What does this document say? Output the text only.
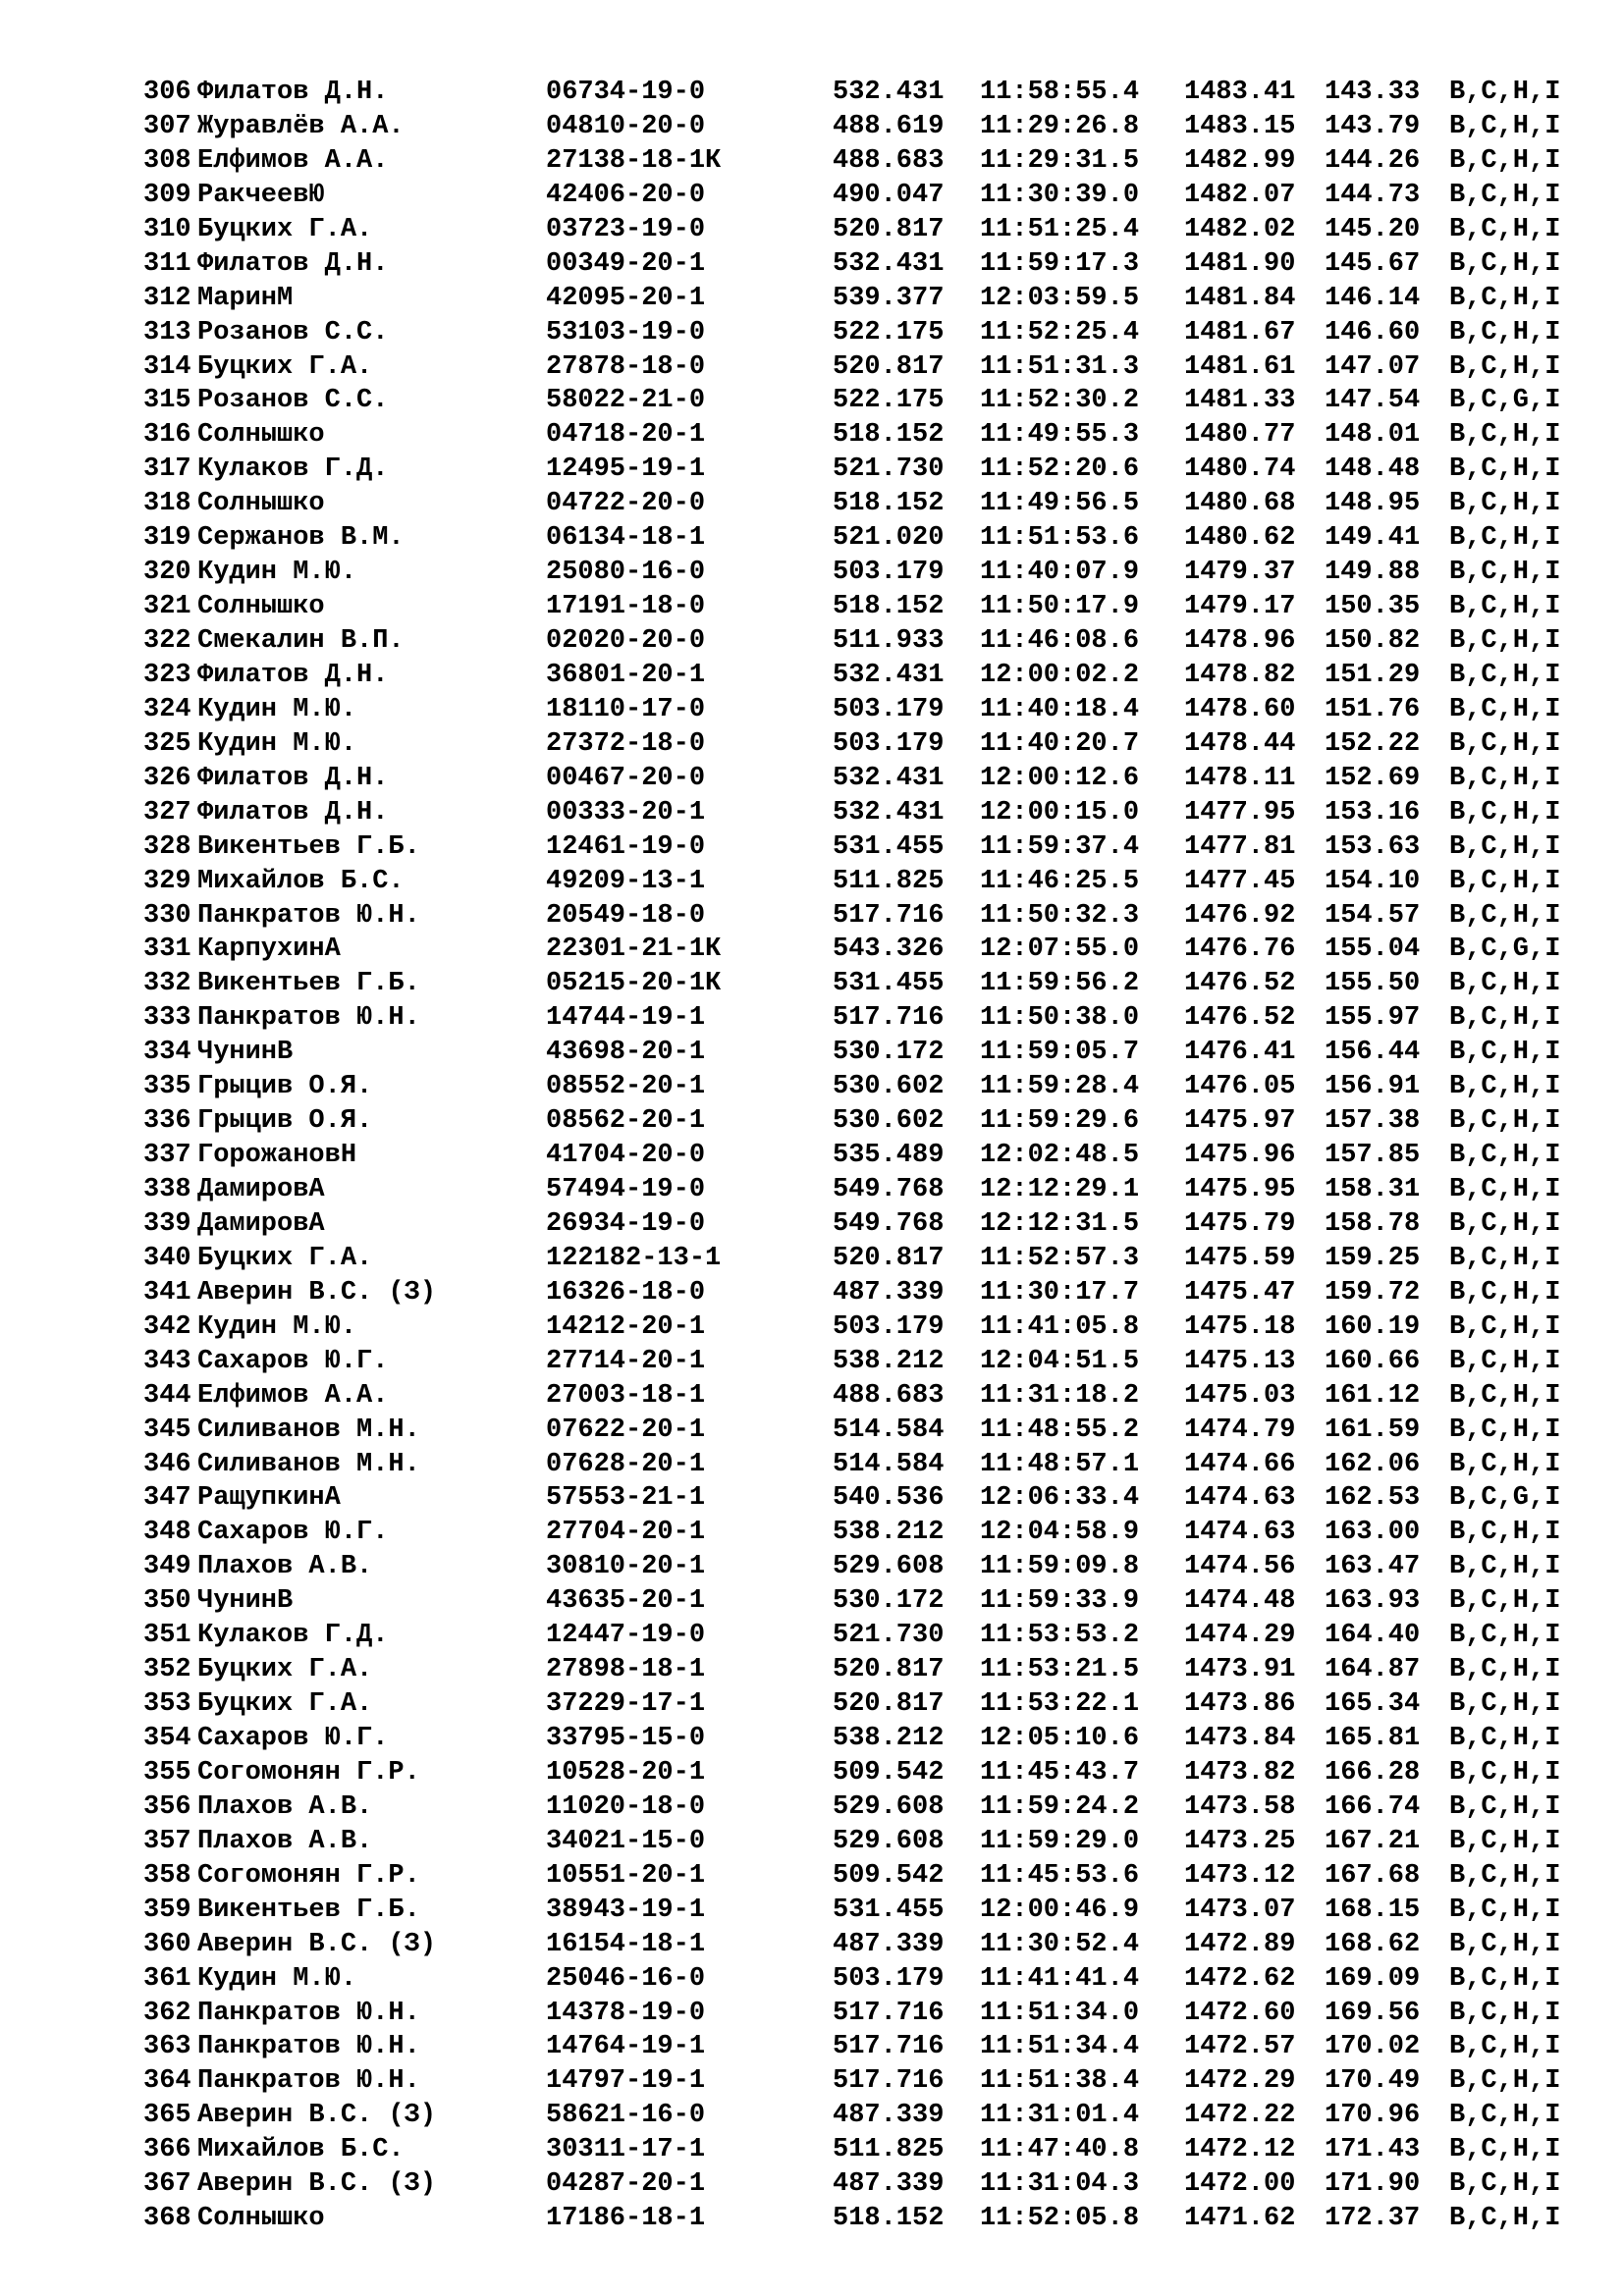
306 Филатов Д.Н.	06734-19-0	532.431 11:58:55.4 1483.41 143.33 B,C,H,I
307 Журавлёв А.А.	04810-20-0	488.619 11:29:26.8 1483.15 143.79 B,C,H,I
308 Елфимов А.А.	27138-18-1К	488.683 11:29:31.5 1482.99 144.26 B,C,H,I
309 РакчеевЮ	42406-20-0	490.047 11:30:39.0 1482.07 144.73 B,C,H,I
310 Буцких Г.А.	03723-19-0	520.817 11:51:25.4 1482.02 145.20 B,C,H,I
311 Филатов Д.Н.	00349-20-1	532.431 11:59:17.3 1481.90 145.67 B,C,H,I
312 МаринМ	42095-20-1	539.377 12:03:59.5 1481.84 146.14 B,C,H,I
313 Розанов С.С.	53103-19-0	522.175 11:52:25.4 1481.67 146.60 B,C,H,I
314 Буцких Г.А.	27878-18-0	520.817 11:51:31.3 1481.61 147.07 B,C,H,I
315 Розанов С.С.	58022-21-0	522.175 11:52:30.2 1481.33 147.54 B,C,G,I
316 Солнышко	04718-20-1	518.152 11:49:55.3 1480.77 148.01 B,C,H,I
317 Кулаков Г.Д.	12495-19-1	521.730 11:52:20.6 1480.74 148.48 B,C,H,I
318 Солнышко	04722-20-0	518.152 11:49:56.5 1480.68 148.95 B,C,H,I
319 Сержанов В.М.	06134-18-1	521.020 11:51:53.6 1480.62 149.41 B,C,H,I
320 Кудин М.Ю.	25080-16-0	503.179 11:40:07.9 1479.37 149.88 B,C,H,I
321 Солнышко	17191-18-0	518.152 11:50:17.9 1479.17 150.35 B,C,H,I
322 Смекалин В.П.	02020-20-0	511.933 11:46:08.6 1478.96 150.82 B,C,H,I
323 Филатов Д.Н.	36801-20-1	532.431 12:00:02.2 1478.82 151.29 B,C,H,I
324 Кудин М.Ю.	18110-17-0	503.179 11:40:18.4 1478.60 151.76 B,C,H,I
325 Кудин М.Ю.	27372-18-0	503.179 11:40:20.7 1478.44 152.22 B,C,H,I
326 Филатов Д.Н.	00467-20-0	532.431 12:00:12.6 1478.11 152.69 B,C,H,I
327 Филатов Д.Н.	00333-20-1	532.431 12:00:15.0 1477.95 153.16 B,C,H,I
328 Викентьев Г.Б.	12461-19-0	531.455 11:59:37.4 1477.81 153.63 B,C,H,I
329 Михайлов Б.С.	49209-13-1	511.825 11:46:25.5 1477.45 154.10 B,C,H,I
330 Панкратов Ю.Н.	20549-18-0	517.716 11:50:32.3 1476.92 154.57 B,C,H,I
331 КарпухинА	22301-21-1К	543.326 12:07:55.0 1476.76 155.04 B,C,G,I
332 Викентьев Г.Б.	05215-20-1К	531.455 11:59:56.2 1476.52 155.50 B,C,H,I
333 Панкратов Ю.Н.	14744-19-1	517.716 11:50:38.0 1476.52 155.97 B,C,H,I
334 ЧунинВ	43698-20-1	530.172 11:59:05.7 1476.41 156.44 B,C,H,I
335 Грыцив О.Я.	08552-20-1	530.602 11:59:28.4 1476.05 156.91 B,C,H,I
336 Грыцив О.Я.	08562-20-1	530.602 11:59:29.6 1475.97 157.38 B,C,H,I
337 ГорожановН	41704-20-0	535.489 12:02:48.5 1475.96 157.85 B,C,H,I
338 ДамировА	57494-19-0	549.768 12:12:29.1 1475.95 158.31 B,C,H,I
339 ДамировА	26934-19-0	549.768 12:12:31.5 1475.79 158.78 B,C,H,I
340 Буцких Г.А.	122182-13-1	520.817 11:52:57.3 1475.59 159.25 B,C,H,I
341 Аверин В.С. (З)	16326-18-0	487.339 11:30:17.7 1475.47 159.72 B,C,H,I
342 Кудин М.Ю.	14212-20-1	503.179 11:41:05.8 1475.18 160.19 B,C,H,I
343 Сахаров Ю.Г.	27714-20-1	538.212 12:04:51.5 1475.13 160.66 B,C,H,I
344 Елфимов А.А.	27003-18-1	488.683 11:31:18.2 1475.03 161.12 B,C,H,I
345 Силиванов М.Н.	07622-20-1	514.584 11:48:55.2 1474.79 161.59 B,C,H,I
346 Силиванов М.Н.	07628-20-1	514.584 11:48:57.1 1474.66 162.06 B,C,H,I
347 РащупкинА	57553-21-1	540.536 12:06:33.4 1474.63 162.53 B,C,G,I
348 Сахаров Ю.Г.	27704-20-1	538.212 12:04:58.9 1474.63 163.00 B,C,H,I
349 Плахов А.В.	30810-20-1	529.608 11:59:09.8 1474.56 163.47 B,C,H,I
350 ЧунинВ	43635-20-1	530.172 11:59:33.9 1474.48 163.93 B,C,H,I
351 Кулаков Г.Д.	12447-19-0	521.730 11:53:53.2 1474.29 164.40 B,C,H,I
352 Буцких Г.А.	27898-18-1	520.817 11:53:21.5 1473.91 164.87 B,C,H,I
353 Буцких Г.А.	37229-17-1	520.817 11:53:22.1 1473.86 165.34 B,C,H,I
354 Сахаров Ю.Г.	33795-15-0	538.212 12:05:10.6 1473.84 165.81 B,C,H,I
355 Согомонян Г.Р.	10528-20-1	509.542 11:45:43.7 1473.82 166.28 B,C,H,I
356 Плахов А.В.	11020-18-0	529.608 11:59:24.2 1473.58 166.74 B,C,H,I
357 Плахов А.В.	34021-15-0	529.608 11:59:29.0 1473.25 167.21 B,C,H,I
358 Согомонян Г.Р.	10551-20-1	509.542 11:45:53.6 1473.12 167.68 B,C,H,I
359 Викентьев Г.Б.	38943-19-1	531.455 12:00:46.9 1473.07 168.15 B,C,H,I
360 Аверин В.С. (З)	16154-18-1	487.339 11:30:52.4 1472.89 168.62 B,C,H,I
361 Кудин М.Ю.	25046-16-0	503.179 11:41:41.4 1472.62 169.09 B,C,H,I
362 Панкратов Ю.Н.	14378-19-0	517.716 11:51:34.0 1472.60 169.56 B,C,H,I
363 Панкратов Ю.Н.	14764-19-1	517.716 11:51:34.4 1472.57 170.02 B,C,H,I
364 Панкратов Ю.Н.	14797-19-1	517.716 11:51:38.4 1472.29 170.49 B,C,H,I
365 Аверин В.С. (З)	58621-16-0	487.339 11:31:01.4 1472.22 170.96 B,C,H,I
366 Михайлов Б.С.	30311-17-1	511.825 11:47:40.8 1472.12 171.43 B,C,H,I
367 Аверин В.С. (З)	04287-20-1	487.339 11:31:04.3 1472.00 171.90 B,C,H,I
368 Солнышко	17186-18-1	518.152 11:52:05.8 1471.62 172.37 B,C,H,I
